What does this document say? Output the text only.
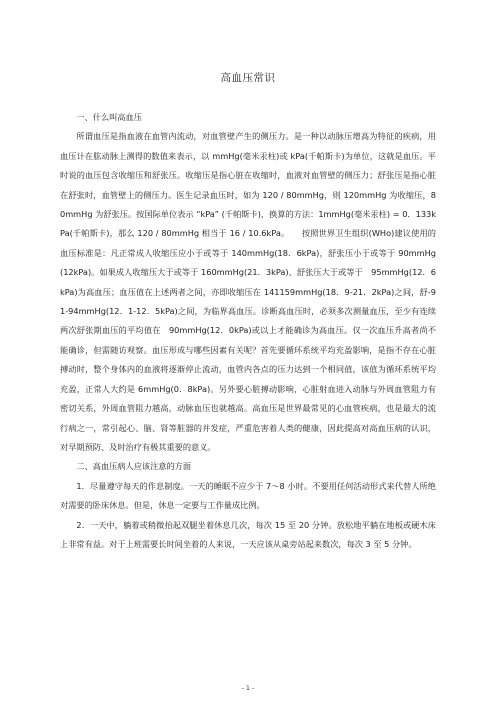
高血压常识

一、什么叫高血压

所谓血压是指血液在血管内流动，对血管壁产生的侧压力。是一种以动脉压增高为特征的疾病，用血压计在肱动脉上测得的数值来表示，以 mmHg(毫米汞柱)或 kPa(千帕斯卡)为单位，这就是血压。平时说的血压包含收缩压和舒张压。收缩压是指心脏在收缩时，血液对血管壁的侧压力；舒张压是指心脏在舒张时，血管壁上的侧压力。医生记录血压时，如为 120 / 80mmHg，则 120mmHg 为收缩压，80mmHg 为舒张压。按国际单位表示 “kPa” (千帕斯卡)，换算的方法：1mmHg(毫米汞柱) = 0．133kPa(千帕斯卡)，那么 120 / 80mmHg 相当于 16 / 10.6kPa。　　按照世界卫生组织(WHo)建议使用的血压标准是：凡正常成人收缩压应小于或等于 140mmHg(18．6kPa)，舒张压小于或等于 90mmHg(12kPa)。如果成人收缩压大于或等于 160mmHg(21．3kPa)，舒张压大于或等于　95mmHg(12．6kPa)为高血压；血压值在上述两者之间，亦即收缩压在 141159mmHg(18．9-21．2kPa)之间，舒-91-94mmHg(12．1-12．5kPa)之间，为临界高血压。诊断高血压时，必须多次测量血压，至少有连续两次舒张期血压的平均值在　90mmHg(12．0kPa)或以上才能确诊为高血压。仅一次血压升高者尚不能确诊，但需随访观察。血压形成与哪些因素有关呢？首先要循环系统平均充盈影响，是指不存在心脏搏动时，整个身体内的血液将逐渐停止流动，血管内各点的压力达到一个相同值，该值为循环系统平均充盈，正常人大约是 6mmHg(0．8kPa)。另外要心脏搏动影响，心脏射血进入动脉与外周血管阻力有密切关系，外周血管阻力越高，动脉血压也就越高。高血压是世界最常见的心血管疾病，也是最大的流行病之一，常引起心、脑、肾等脏器的并发症，严重危害着人类的健康，因此提高对高血压病的认识，对早期预防、及时治疗有极其重要的意义。

二、高血压病人应该注意的方面

1．尽量遵守每天的作息制度。一天的睡眠不应少于 7～8 小时。不要用任何活动形式来代替人所绝对需要的卧床休息。但是，休息一定要与工作量成比例。

2．一天中，躺着或稍微抬起双腿坐着休息几次，每次 15 至 20 分钟。放松地平躺在地板或硬木床上非常有益。对于上班需要长时间坐着的人来说，一天应该从桌旁站起来数次，每次 3 至 5 分钟。

- 1 -
